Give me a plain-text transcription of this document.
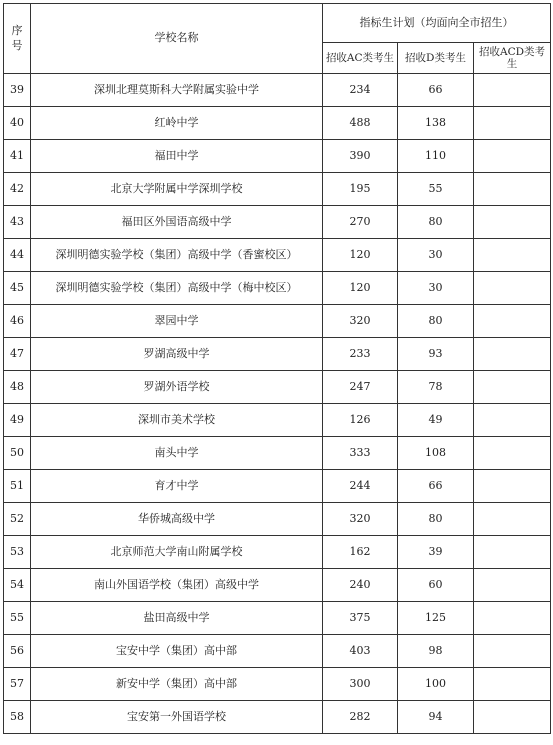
序
号	学校名称	指标生计划（均面向全市招生）		
		招收AC类考生	招收D类考生	招收ACD类考生
39	深圳北理莫斯科大学附属实验中学	234	66	
40	红岭中学	488	138	
41	福田中学	390	110	
42	北京大学附属中学深圳学校	195	55	
43	福田区外国语高级中学	270	80	
44	深圳明德实验学校（集团）高级中学（香蜜校区）	120	30	
45	深圳明德实验学校（集团）高级中学（梅中校区）	120	30	
46	翠园中学	320	80	
47	罗湖高级中学	233	93	
48	罗湖外语学校	247	78	
49	深圳市美术学校	126	49	
50	南头中学	333	108	
51	育才中学	244	66	
52	华侨城高级中学	320	80	
53	北京师范大学南山附属学校	162	39	
54	南山外国语学校（集团）高级中学	240	60	
55	盐田高级中学	375	125	
56	宝安中学（集团）高中部	403	98	
57	新安中学（集团）高中部	300	100	
58	宝安第一外国语学校	282	94	
